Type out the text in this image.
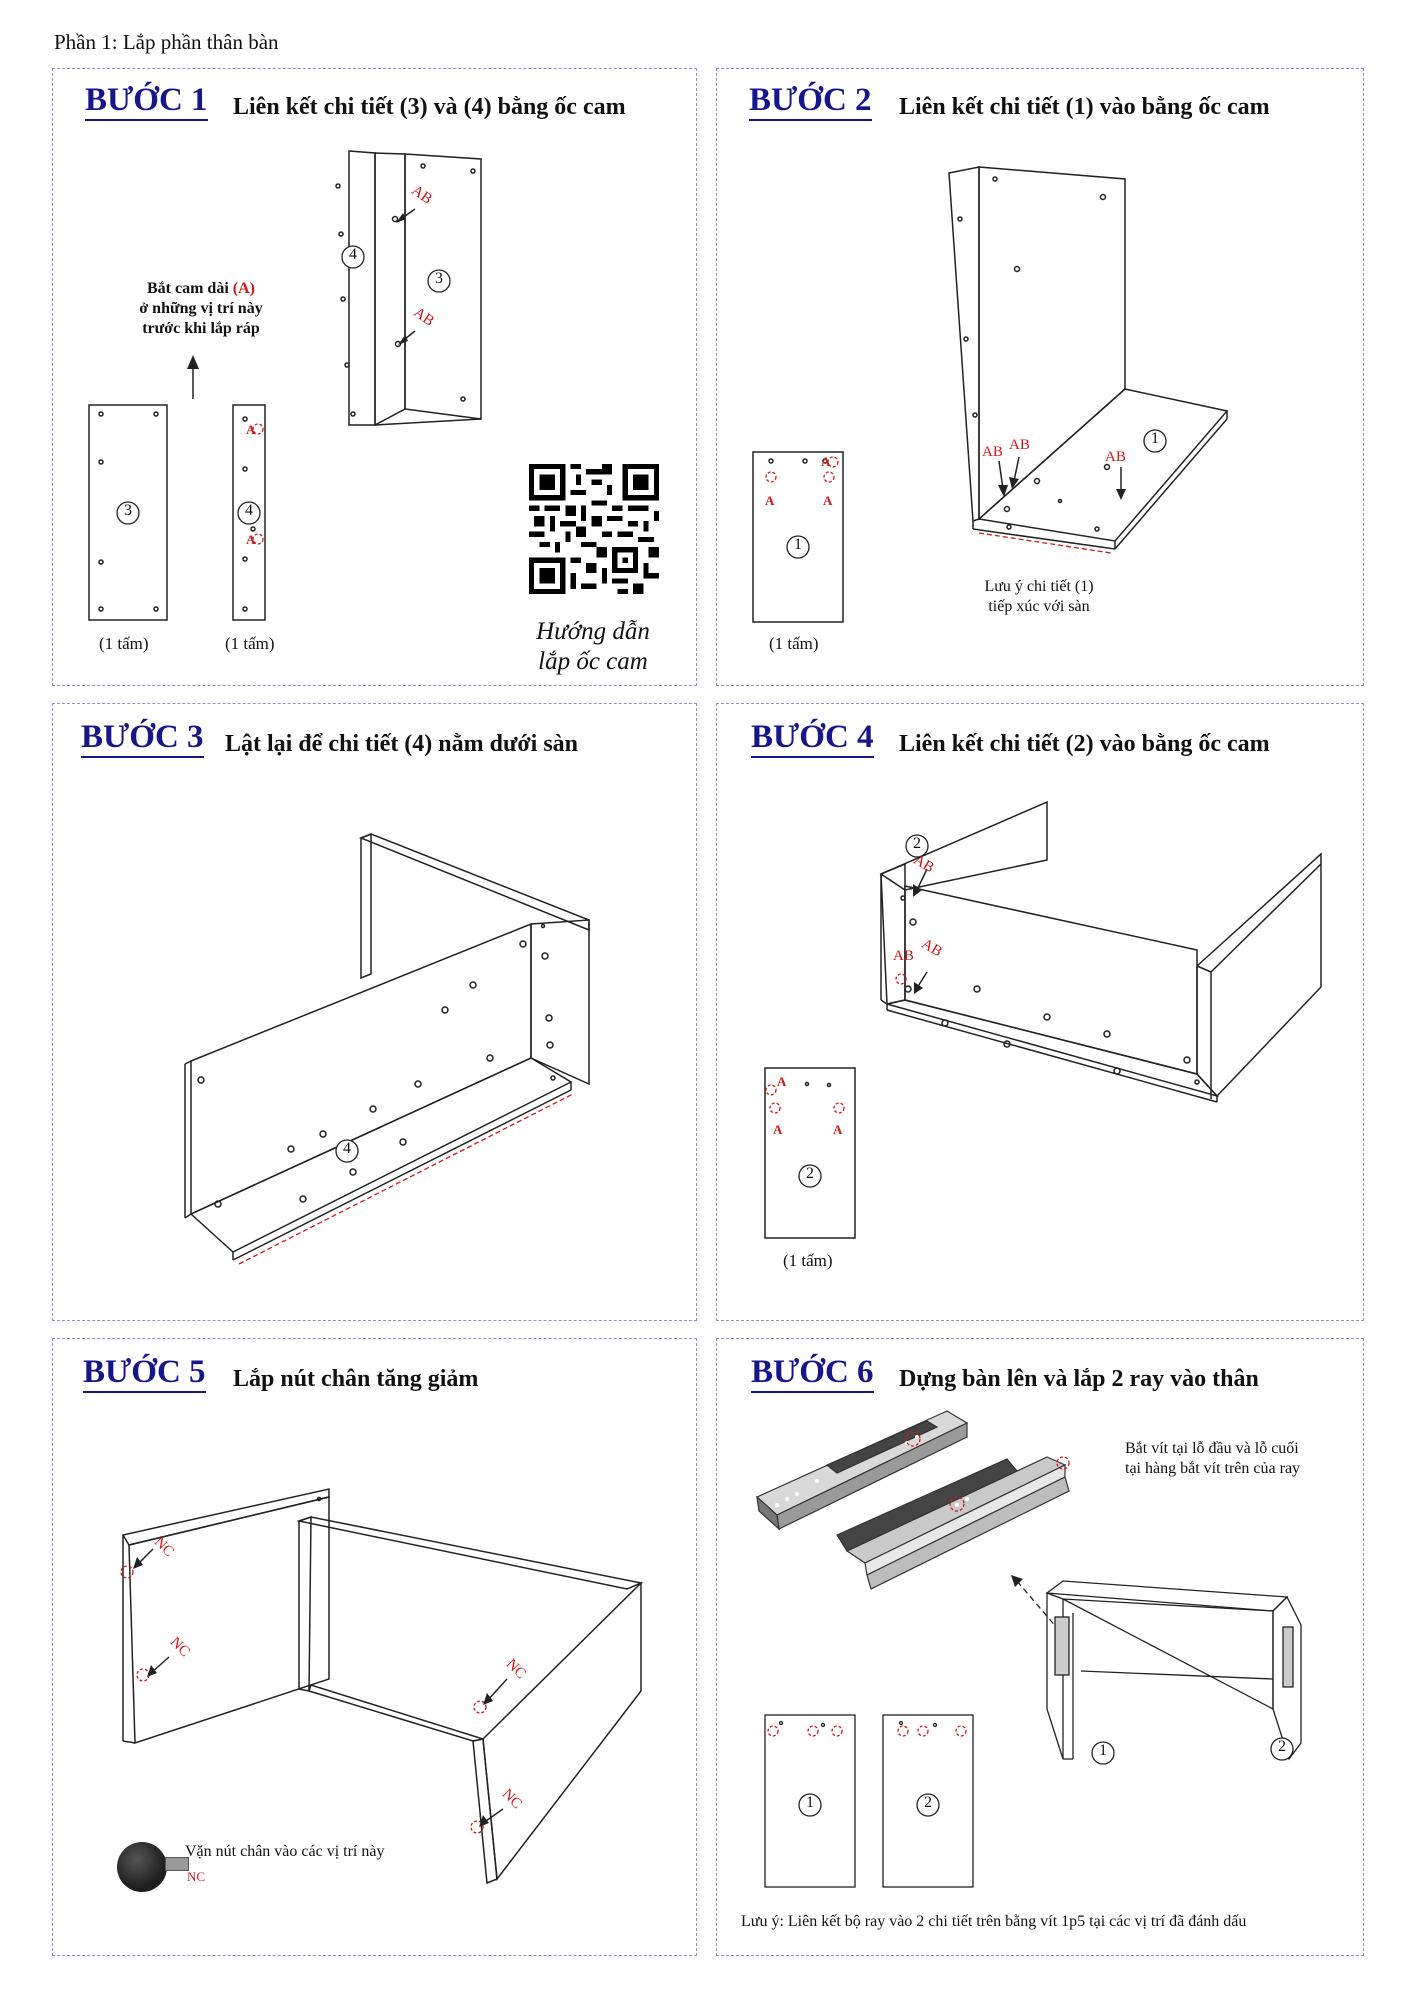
Phần 1: Lắp phần thân bàn
BƯỚC 1 Liên kết chi tiết (3) và (4) bằng ốc cam
4
3
3	4
AB
AB
A
A
Bắt cam dài (A)
ở những vị trí này
trước khi lắp ráp
(1 tấm)	(1 tấm)	Hướng dẫn
lắp ốc cam
BƯỚC 2 Liên kết chi tiết (1) vào bằng ốc cam
1
1
AB AB
AB
A
A
A
(1 tấm)
Lưu ý chi tiết (1)
tiếp xúc với sàn
BƯỚC 3 Lật lại để chi tiết (4) nằm dưới sàn
4
BƯỚC 4 Liên kết chi tiết (2) vào bằng ốc cam
2
2
AB
AB
AB
A
A	A
(1 tấm)
BƯỚC 5 Lắp nút chân tăng giảm
NC
NC
NC
NC
Vặn nút chân vào các vị trí này
NC
BƯỚC 6 Dựng bàn lên và lắp 2 ray vào thân
1	2
1	2
Bắt vít tại lỗ đầu và lỗ cuối
tại hàng bắt vít trên của ray
Lưu ý: Liên kết bộ ray vào 2 chi tiết trên bằng vít 1p5 tại các vị trí đã đánh dấu
